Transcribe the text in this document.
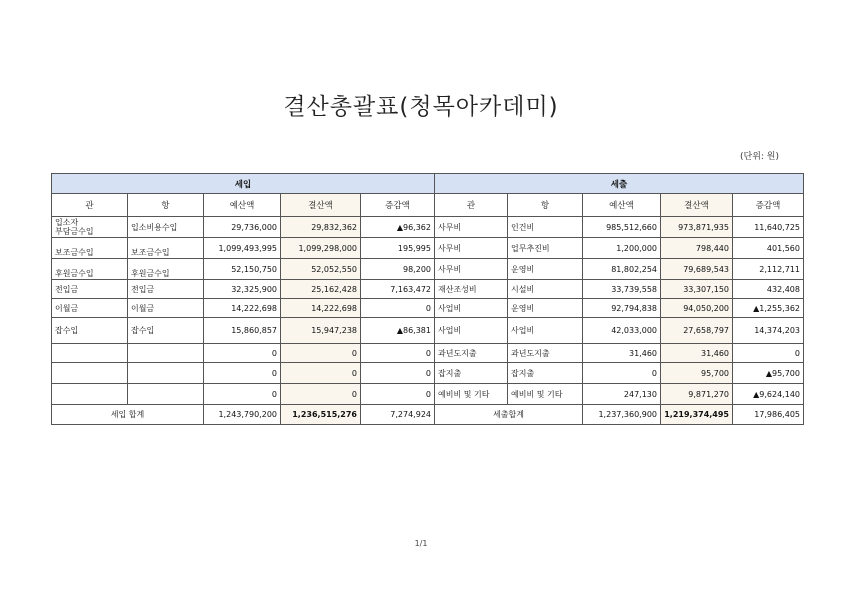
결산총괄표(청목아카데미)
(단위: 원)
세입					세출				
관	항	예산액	결산액	증감액	관	항	예산액	결산액	증감액
입소자
부담금수입	입소비용수입	29,736,000	29,832,362	▲96,362	사무비	인건비	985,512,660	973,871,935	11,640,725
보조금수입	보조금수입	1,099,493,995	1,099,298,000	195,995	사무비	업무추진비	1,200,000	798,440	401,560
후원금수입	후원금수입	52,150,750	52,052,550	98,200	사무비	운영비	81,802,254	79,689,543	2,112,711
전입금	전입금	32,325,900	25,162,428	7,163,472	재산조성비	시설비	33,739,558	33,307,150	432,408
이월금	이월금	14,222,698	14,222,698	0	사업비	운영비	92,794,838	94,050,200	▲1,255,362
잡수입	잡수입	15,860,857	15,947,238	▲86,381	사업비	사업비	42,033,000	27,658,797	14,374,203
		0	0	0	과년도지출	과년도지출	31,460	31,460	0
		0	0	0	잡지출	잡지출	0	95,700	▲95,700
		0	0	0	예비비 및 기타	예비비 및 기타	247,130	9,871,270	▲9,624,140
세입 합계		1,243,790,200	1,236,515,276	7,274,924	세출합계		1,237,360,900	1,219,374,495	17,986,405
1/1
